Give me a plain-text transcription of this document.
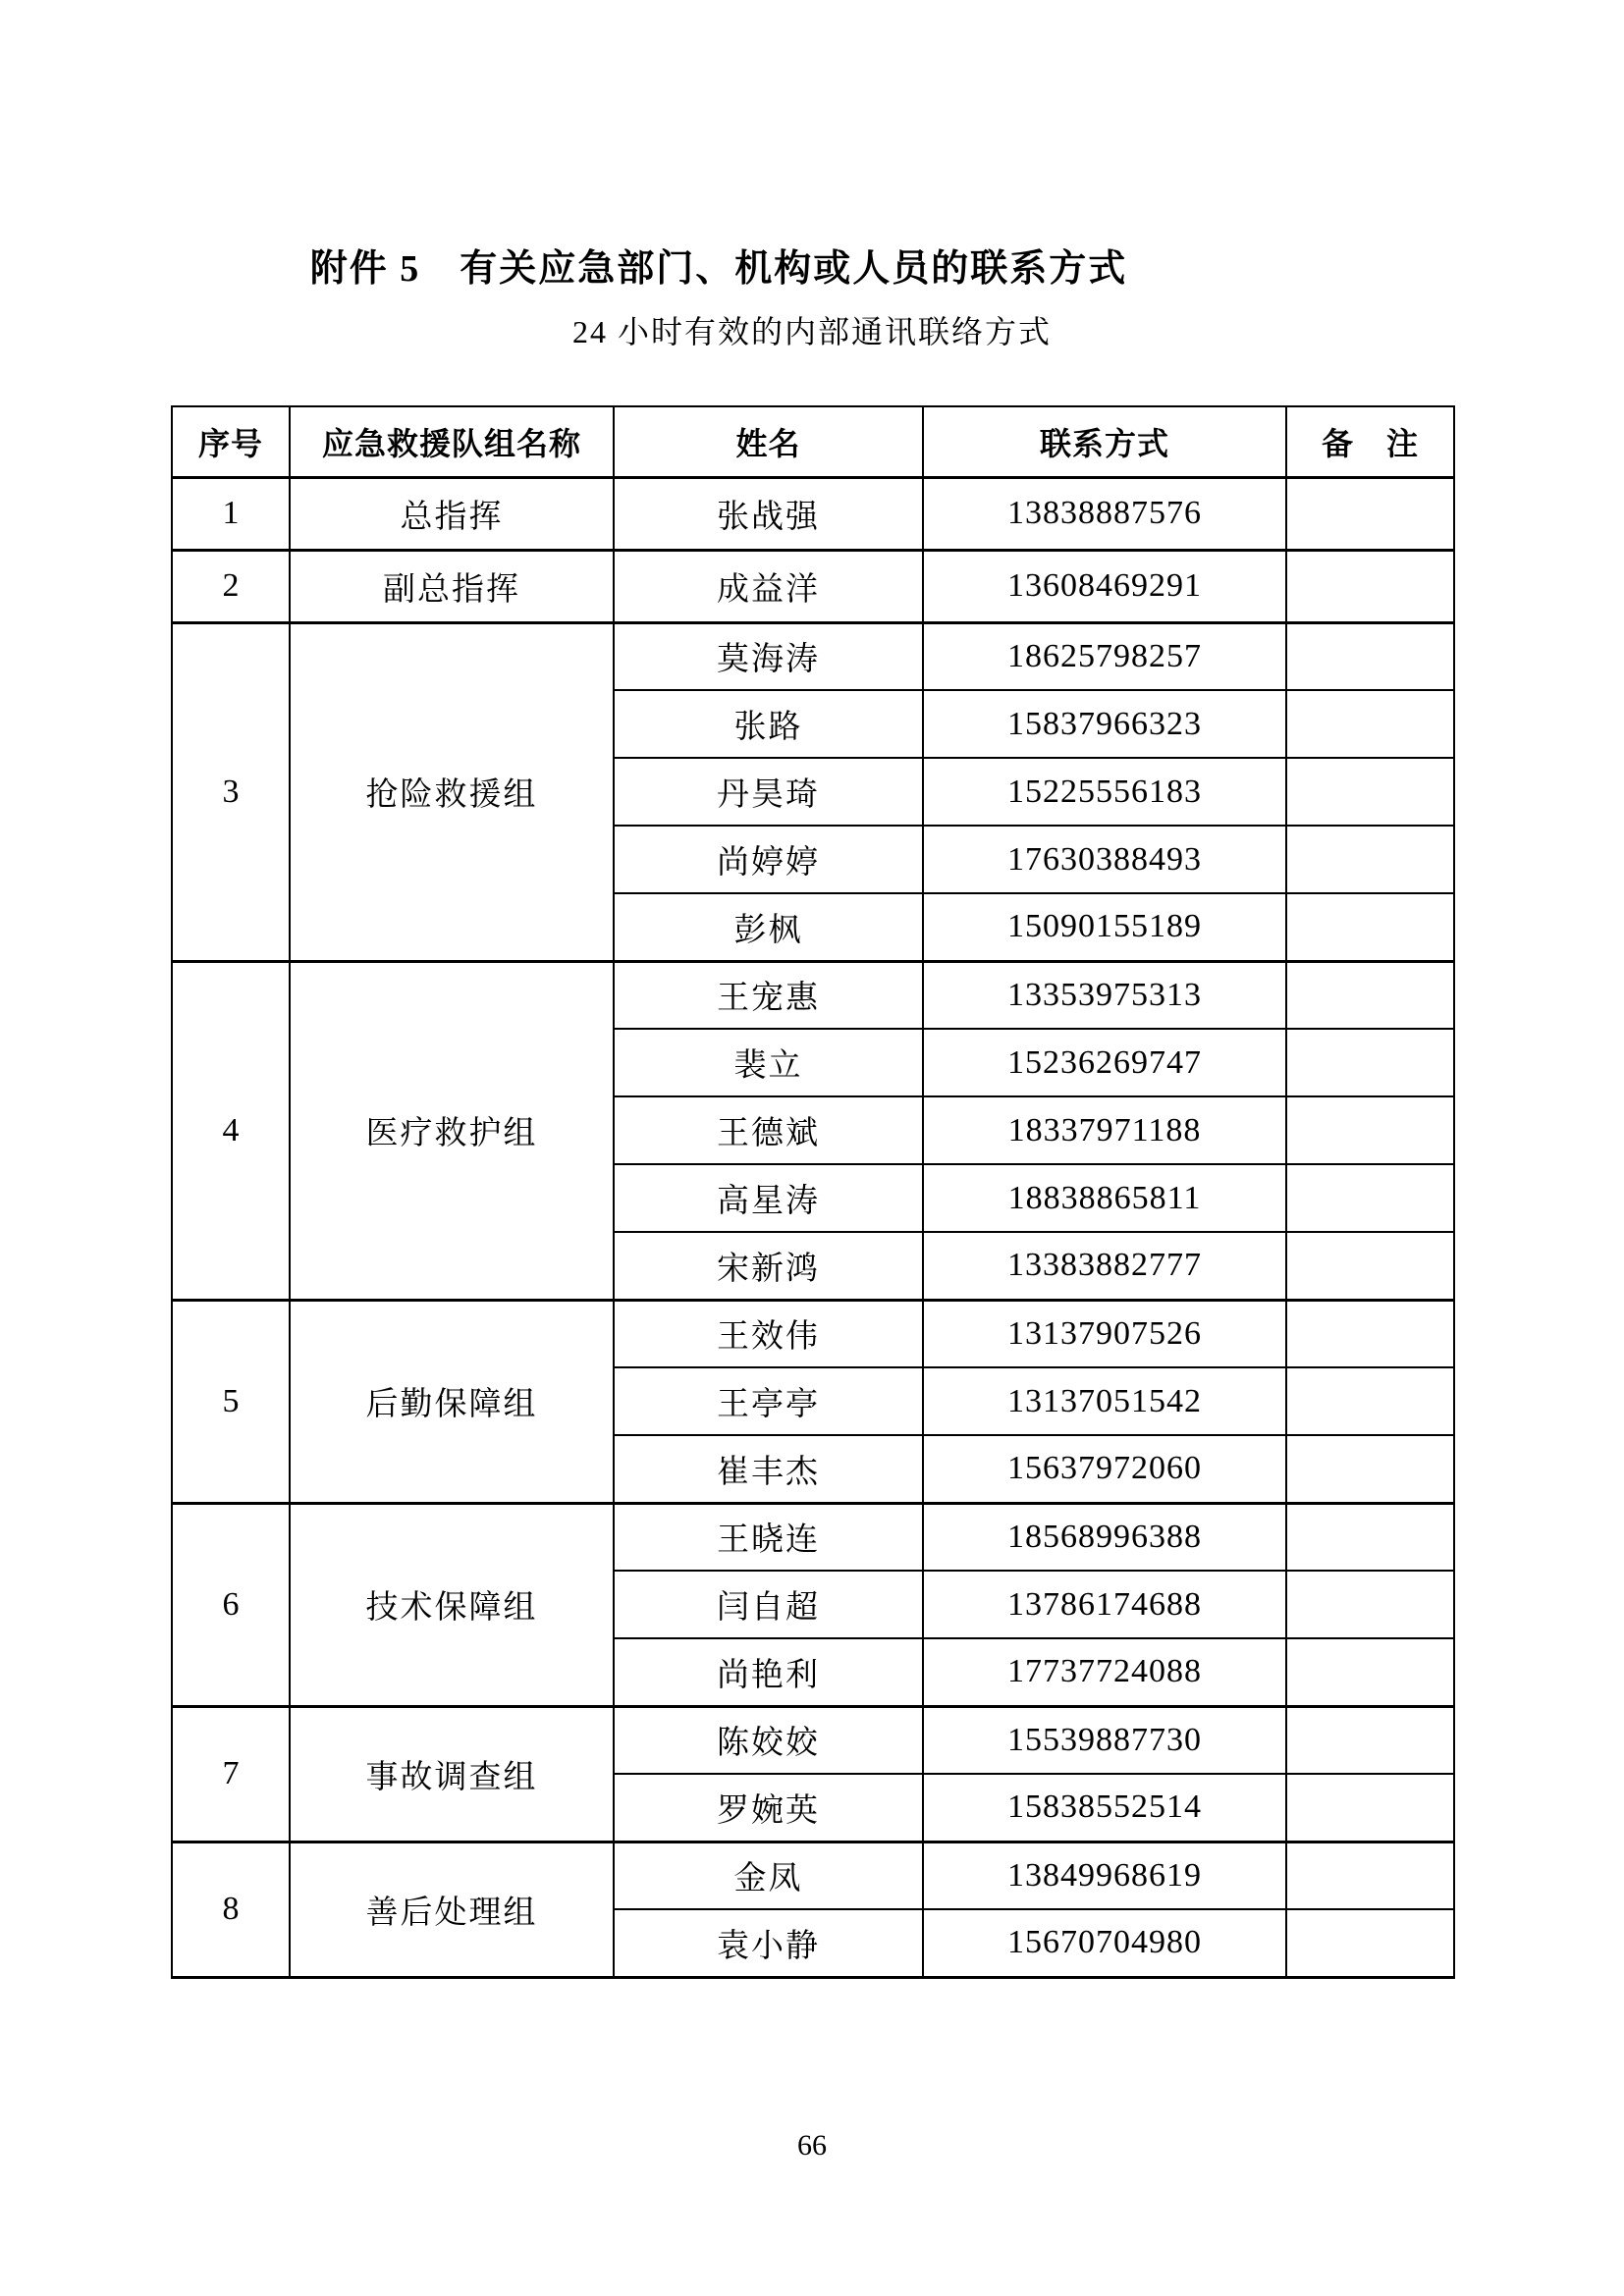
附件 5　有关应急部门、机构或人员的联系方式
24 小时有效的内部通讯联络方式
序号	应急救援队组名称	姓名	联系方式	备　注
1	总指挥	张战强	13838887576	
2	副总指挥	成益洋	13608469291	
3	抢险救援组	莫海涛	18625798257	
		张路	15837966323	
		丹昊琦	15225556183	
		尚婷婷	17630388493	
		彭枫	15090155189	
4	医疗救护组	王宠惠	13353975313	
		裴立	15236269747	
		王德斌	18337971188	
		高星涛	18838865811	
		宋新鸿	13383882777	
5	后勤保障组	王效伟	13137907526	
		王亭亭	13137051542	
		崔丰杰	15637972060	
6	技术保障组	王晓连	18568996388	
		闫自超	13786174688	
		尚艳利	17737724088	
7	事故调查组	陈姣姣	15539887730	
		罗婉英	15838552514	
8	善后处理组	金凤	13849968619	
		袁小静	15670704980	
66
